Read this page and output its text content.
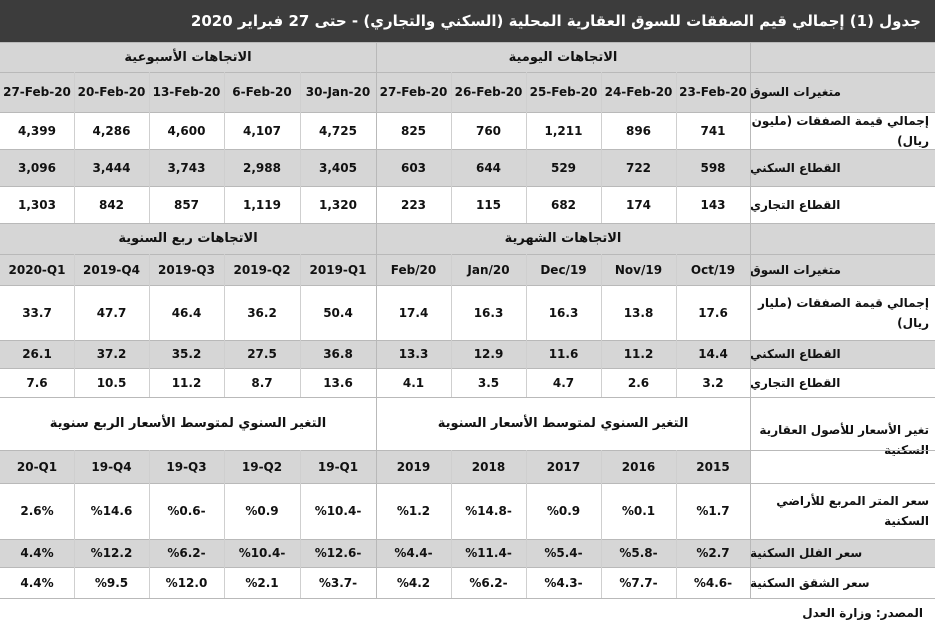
جدول (1) إجمالي قيم الصفقات للسوق العقارية المحلية (السكني والتجاري) - حتى 27 فبراير 2020
الاتجاهات اليومية
الاتجاهات الأسبوعية
متغيرات السوق
23-Feb-20
24-Feb-20
25-Feb-20
26-Feb-20
27-Feb-20
30-Jan-20
6-Feb-20
13-Feb-20
20-Feb-20
27-Feb-20
إجمالي قيمة الصفقات (مليون ريال)
741
896
1,211
760
825
4,725
4,107
4,600
4,286
4,399
القطاع السكني
598
722
529
644
603
3,405
2,988
3,743
3,444
3,096
القطاع التجاري
143
174
682
115
223
1,320
1,119
857
842
1,303
الاتجاهات الشهرية
الاتجاهات ربع السنوية
متغيرات السوق
Oct/19
Nov/19
Dec/19
Jan/20
Feb/20
2019-Q1
2019-Q2
2019-Q3
2019-Q4
2020-Q1
إجمالي قيمة الصفقات (مليار ريال)
17.6
13.8
16.3
16.3
17.4
50.4
36.2
46.4
47.7
33.7
القطاع السكني
14.4
11.2
11.6
12.9
13.3
36.8
27.5
35.2
37.2
26.1
القطاع التجاري
3.2
2.6
4.7
3.5
4.1
13.6
8.7
11.2
10.5
7.6
تغير الأسعار للأصول العقارية السكنية
التغير السنوي لمتوسط الأسعار السنوية
التغير السنوي لمتوسط الأسعار الربع سنوية
2015
2016
2017
2018
2019
19-Q1
19-Q2
19-Q3
19-Q4
20-Q1
سعر المتر المربع للأراضي السكنية
%1.7
%0.1
%0.9
%14.8-
%1.2
%10.4-
%0.9
%0.6-
%14.6
2.6%
سعر الفلل السكنية
%2.7
%5.8-
%5.4-
%11.4-
%4.4-
%12.6-
%10.4-
%6.2-
%12.2
4.4%
سعر الشقق السكنية
%4.6-
%7.7-
%4.3-
%6.2-
%4.2
%3.7-
%2.1
%12.0
%9.5
4.4%
المصدر: وزارة العدل
